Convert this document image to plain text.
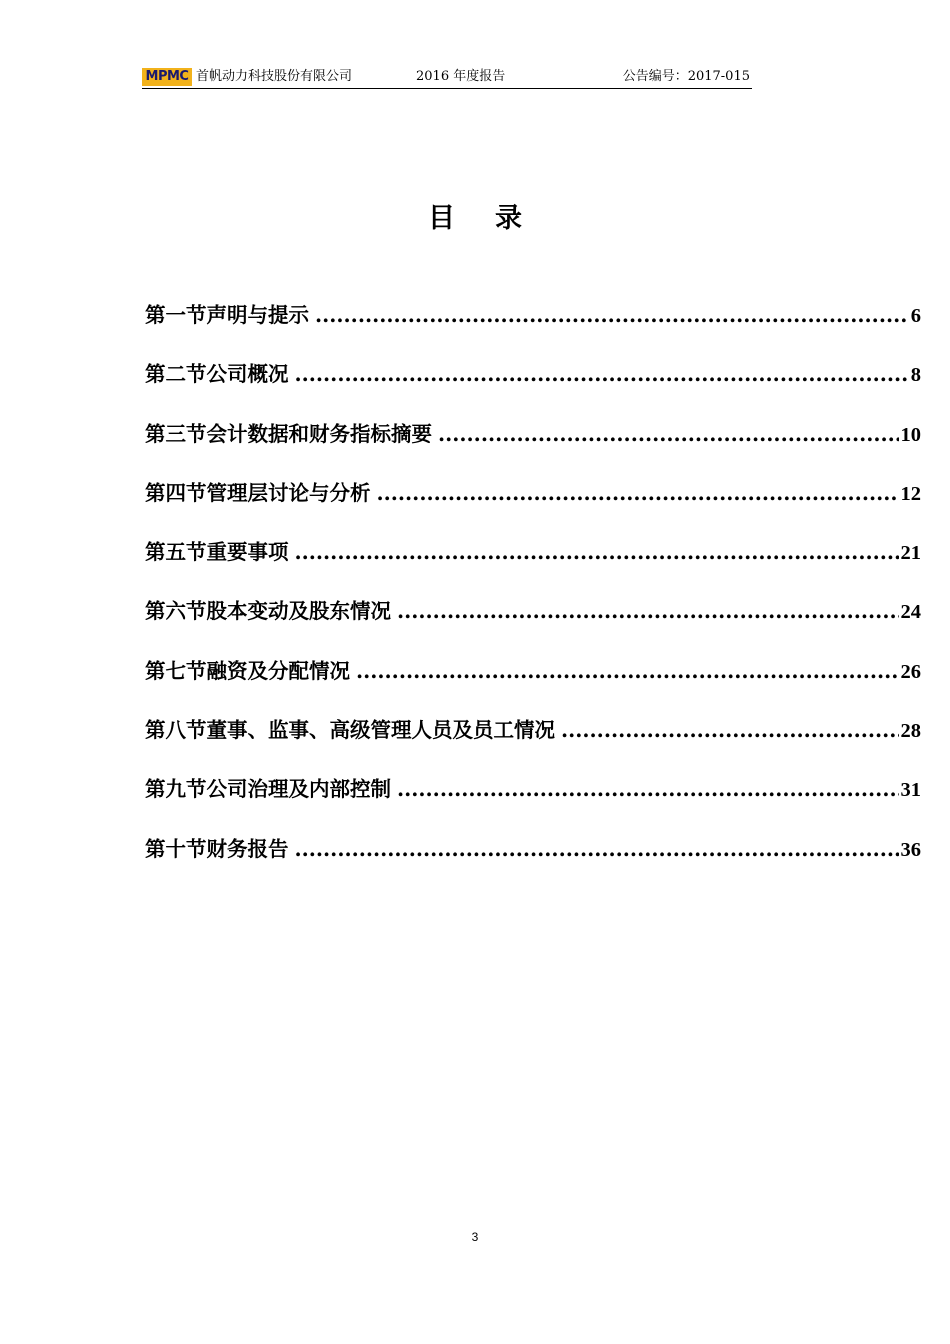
MPMC 首帆动力科技股份有限公司	2016 年度报告	公告编号：2017-015
目录
第一节声明与提示 .....	6
第二节公司概况 .....	8
第三节会计数据和财务指标摘要 .....	10
第四节管理层讨论与分析 .....	12
第五节重要事项 .....	21
第六节股本变动及股东情况 .....	24
第七节融资及分配情况 .....	26
第八节董事、监事、高级管理人员及员工情况 .....	28
第九节公司治理及内部控制 .....	31
第十节财务报告 .....	36
3
